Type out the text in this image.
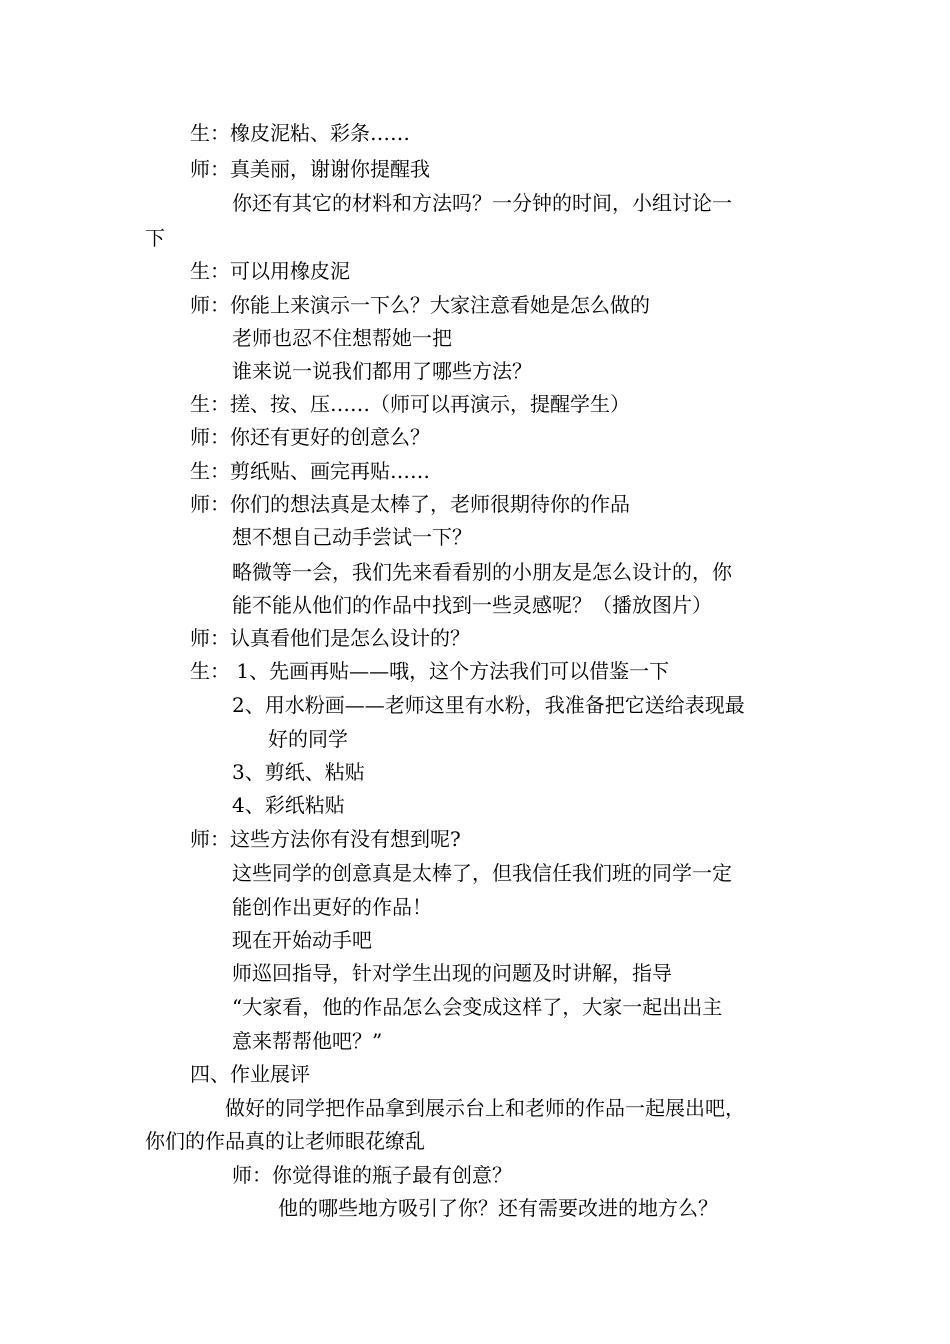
生：橡皮泥粘、彩条……
师：真美丽，谢谢你提醒我
你还有其它的材料和方法吗？一分钟的时间，小组讨论一
下
生：可以用橡皮泥
师：你能上来演示一下么？大家注意看她是怎么做的
老师也忍不住想帮她一把
谁来说一说我们都用了哪些方法？
生：搓、按、压……（师可以再演示，提醒学生）
师：你还有更好的创意么？
生：剪纸贴、画完再贴……
师：你们的想法真是太棒了，老师很期待你的作品
想不想自己动手尝试一下？
略微等一会，我们先来看看别的小朋友是怎么设计的，你
能不能从他们的作品中找到一些灵感呢？（播放图片）
师：认真看他们是怎么设计的？
生： 1、先画再贴——哦，这个方法我们可以借鉴一下
2、用水粉画——老师这里有水粉，我准备把它送给表现最
好的同学
3、剪纸、粘贴
4、彩纸粘贴
师：这些方法你有没有想到呢?
这些同学的创意真是太棒了，但我信任我们班的同学一定
能创作出更好的作品！
现在开始动手吧
师巡回指导，针对学生出现的问题及时讲解，指导
“大家看，他的作品怎么会变成这样了，大家一起出出主
意来帮帮他吧？”
四、作业展评
做好的同学把作品拿到展示台上和老师的作品一起展出吧，
你们的作品真的让老师眼花缭乱
师：你觉得谁的瓶子最有创意？
他的哪些地方吸引了你？还有需要改进的地方么？
